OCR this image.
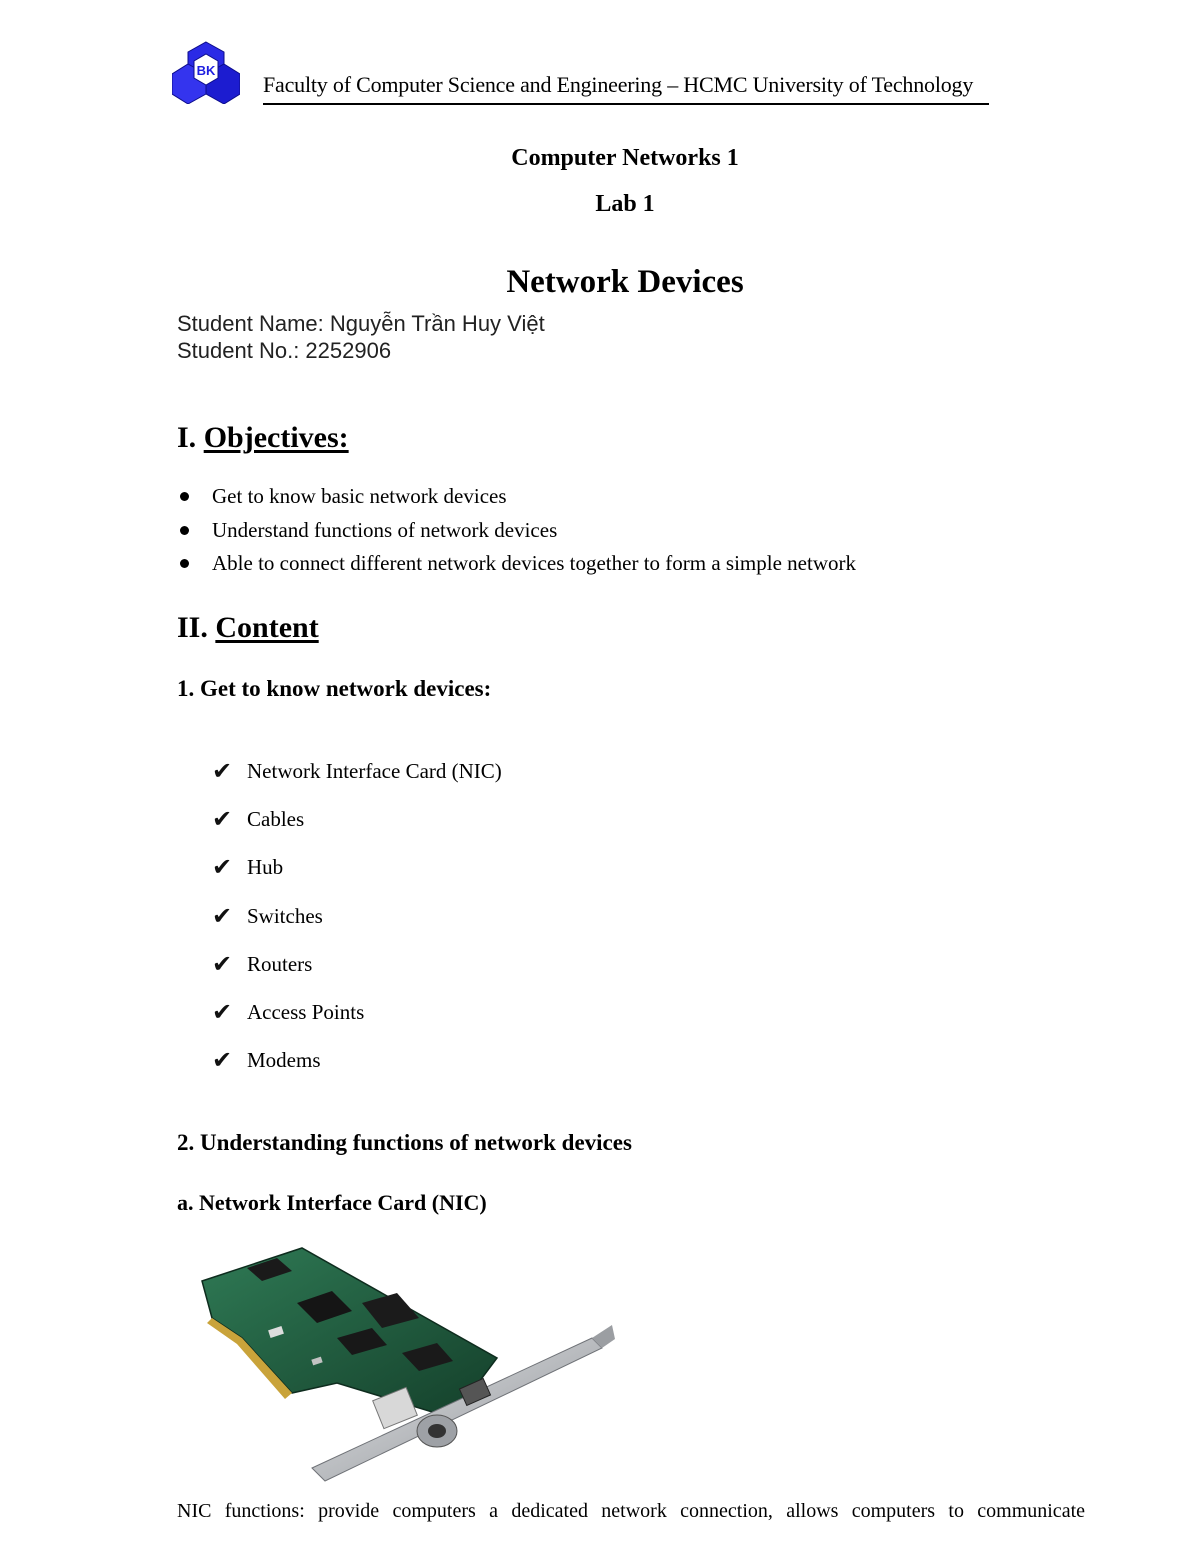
BK
Faculty of Computer Science and Engineering – HCMC University of Technology
Computer Networks 1
Lab 1
Network Devices
Student Name: Nguyễn Trần Huy Việt
Student No.: 2252906
I. Objectives:
Get to know basic network devices
Understand functions of network devices
Able to connect different network devices together to form a simple network
II. Content
1. Get to know network devices:
✔ Network Interface Card (NIC)
✔ Cables
✔ Hub
✔ Switches
✔ Routers
✔ Access Points
✔ Modems
2. Understanding functions of network devices
a. Network Interface Card (NIC)
NIC functions: provide computers a dedicated network connection, allows computers to communicate
